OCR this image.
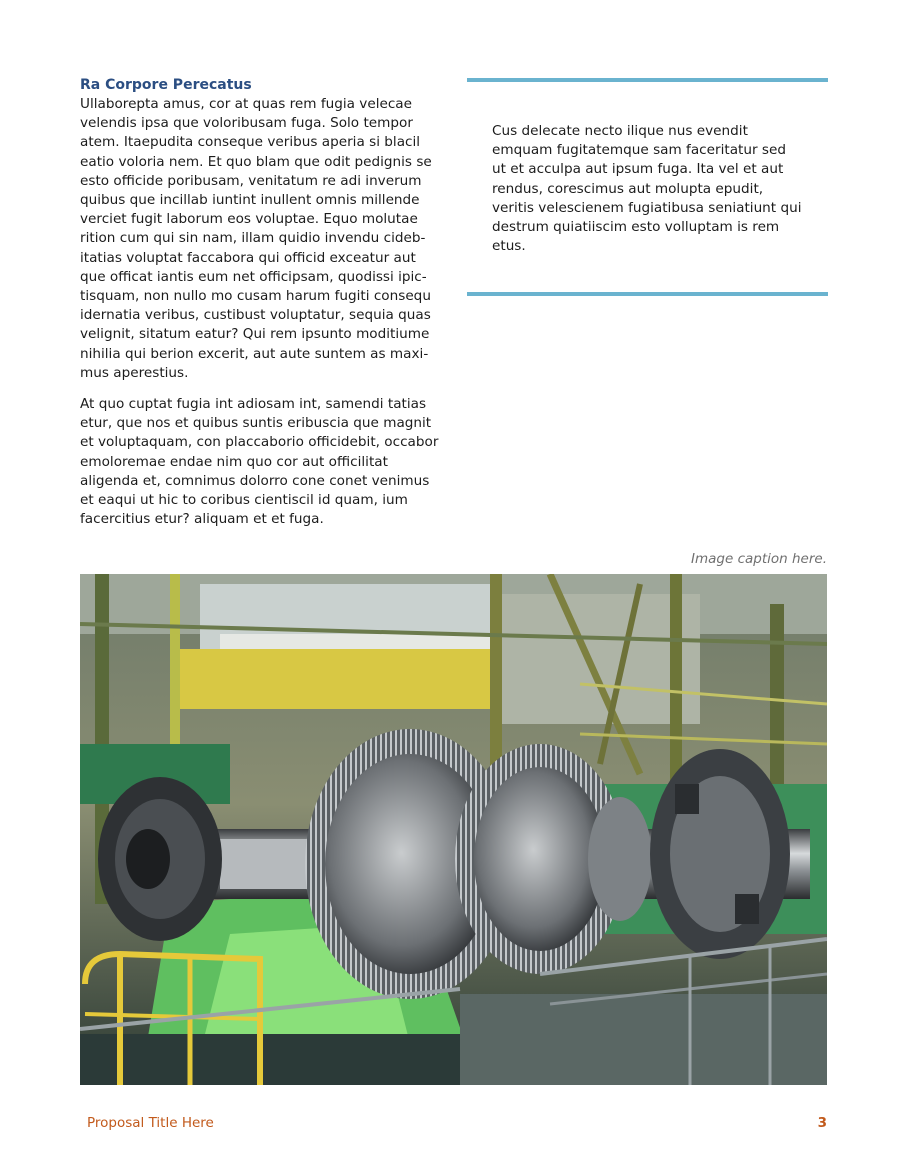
Ra Corpore Perecatus

Ullaborepta amus, cor at quas rem fugia velecae velendis ipsa que voloribusam fuga. Solo tempor atem. Itaepudita conseque veribus aperia si blacil eatio voloria nem. Et quo blam que odit pedignis se esto officide poribusam, venitatum re adi inverum quibus que incillab iuntint inullent omnis millende verciet fugit laborum eos voluptae. Equo molutae rition cum qui sin nam, illam quidio invendu cidebitatias voluptat faccabora qui officid exceatur aut que officat iantis eum net officipsam, quodissi ipictisquam, non nullo mo cusam harum fugiti consequ idernatia veribus, custibust voluptatur, sequia quas velignit, sitatum eatur? Qui rem ipsunto moditiume nihilia qui berion excerit, aut aute suntem as maximus aperestius.

At quo cuptat fugia int adiosam int, samendi tatias etur, que nos et quibus suntis eribuscia que magnit et voluptaquam, con placcaborio officidebit, occabor emoloremae endae nim quo cor aut officilitat aligenda et, comnimus dolorro cone conet venimus et eaqui ut hic to coribus cientiscil id quam, ium facercitius etur? aliquam et et fuga.

Cus delecate necto ilique nus evendit emquam fugitatemque sam faceritatur sed ut et acculpa aut ipsum fuga. Ita vel et aut rendus, corescimus aut molupta epudit, veritis velescienem fugiatibusa seniatiunt qui destrum quiatiiscim esto volluptam is rem etus.

Image caption here.
Proposal Title Here	3
